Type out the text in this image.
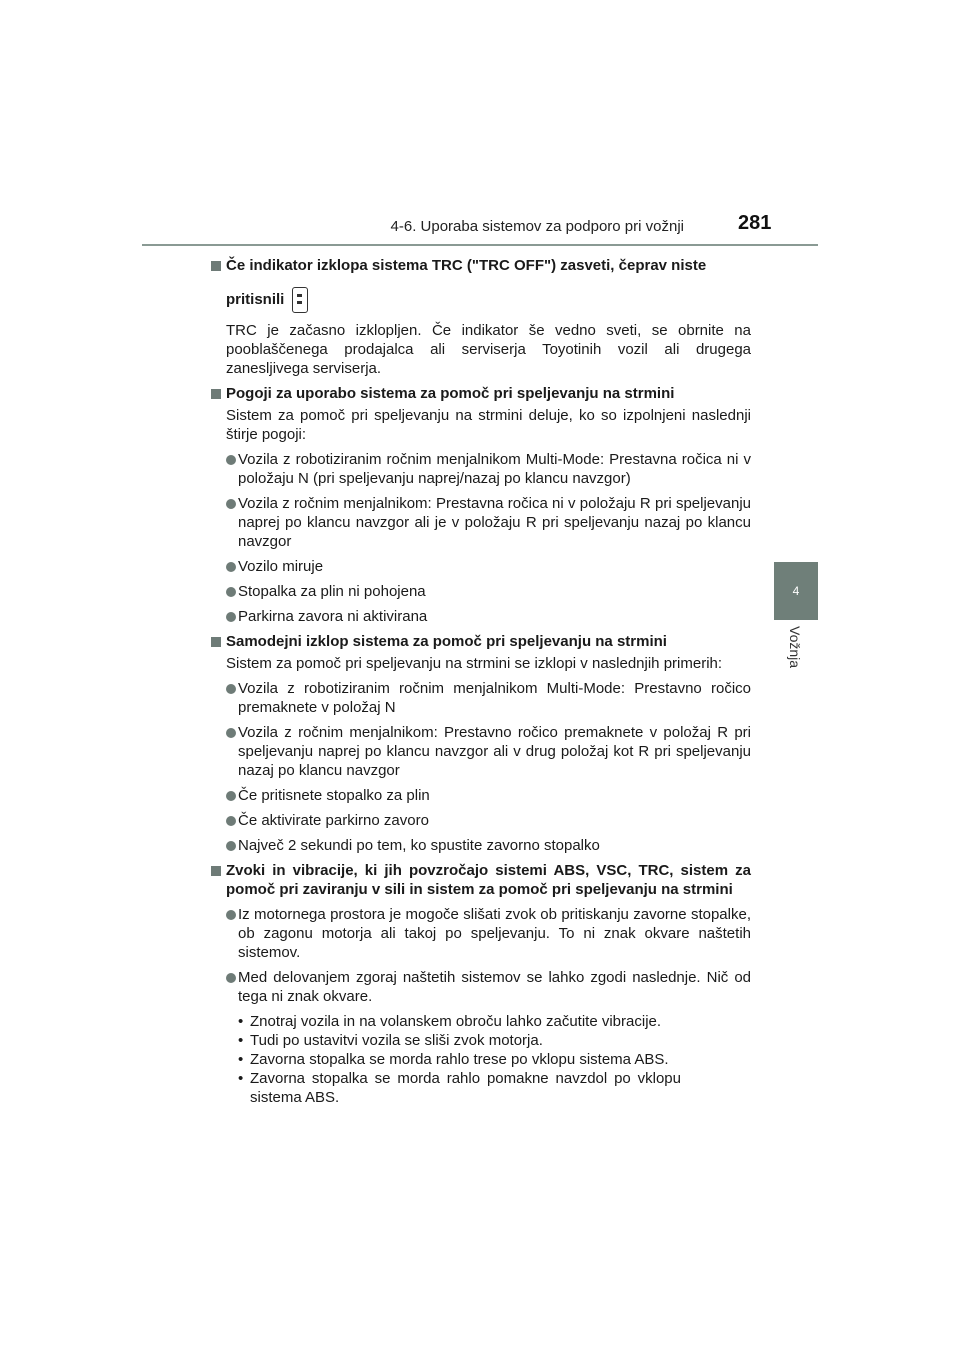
4-6. Uporaba sistemov za podporo pri vožnji	281
4
Vožnja
Če indikator izklopa sistema TRC ("TRC OFF") zasveti, čeprav niste
pritisnili
TRC je začasno izklopljen. Če indikator še vedno sveti, se obrnite na pooblaščenega prodajalca ali serviserja Toyotinih vozil ali drugega zanesljivega serviserja.
Pogoji za uporabo sistema za pomoč pri speljevanju na strmini
Sistem za pomoč pri speljevanju na strmini deluje, ko so izpolnjeni naslednji štirje pogoji:
Vozila z robotiziranim ročnim menjalnikom Multi-Mode: Prestavna ročica ni v položaju N (pri speljevanju naprej/nazaj po klancu navzgor)
Vozila z ročnim menjalnikom: Prestavna ročica ni v položaju R pri speljevanju naprej po klancu navzgor ali je v položaju R pri speljevanju nazaj po klancu navzgor
Vozilo miruje
Stopalka za plin ni pohojena
Parkirna zavora ni aktivirana
Samodejni izklop sistema za pomoč pri speljevanju na strmini
Sistem za pomoč pri speljevanju na strmini se izklopi v naslednjih primerih:
Vozila z robotiziranim ročnim menjalnikom Multi-Mode: Prestavno ročico premaknete v položaj N
Vozila z ročnim menjalnikom: Prestavno ročico premaknete v položaj R pri speljevanju naprej po klancu navzgor ali v drug položaj kot R pri speljevanju nazaj po klancu navzgor
Če pritisnete stopalko za plin
Če aktivirate parkirno zavoro
Največ 2 sekundi po tem, ko spustite zavorno stopalko
Zvoki in vibracije, ki jih povzročajo sistemi ABS, VSC, TRC, sistem za pomoč pri zaviranju v sili in sistem za pomoč pri speljevanju na strmini
Iz motornega prostora je mogoče slišati zvok ob pritiskanju zavorne stopalke, ob zagonu motorja ali takoj po speljevanju. To ni znak okvare naštetih sistemov.
Med delovanjem zgoraj naštetih sistemov se lahko zgodi naslednje. Nič od tega ni znak okvare.
• Znotraj vozila in na volanskem obroču lahko začutite vibracije.
• Tudi po ustavitvi vozila se sliši zvok motorja.
• Zavorna stopalka se morda rahlo trese po vklopu sistema ABS.
• Zavorna stopalka se morda rahlo pomakne navzdol po vklopu sistema ABS.
